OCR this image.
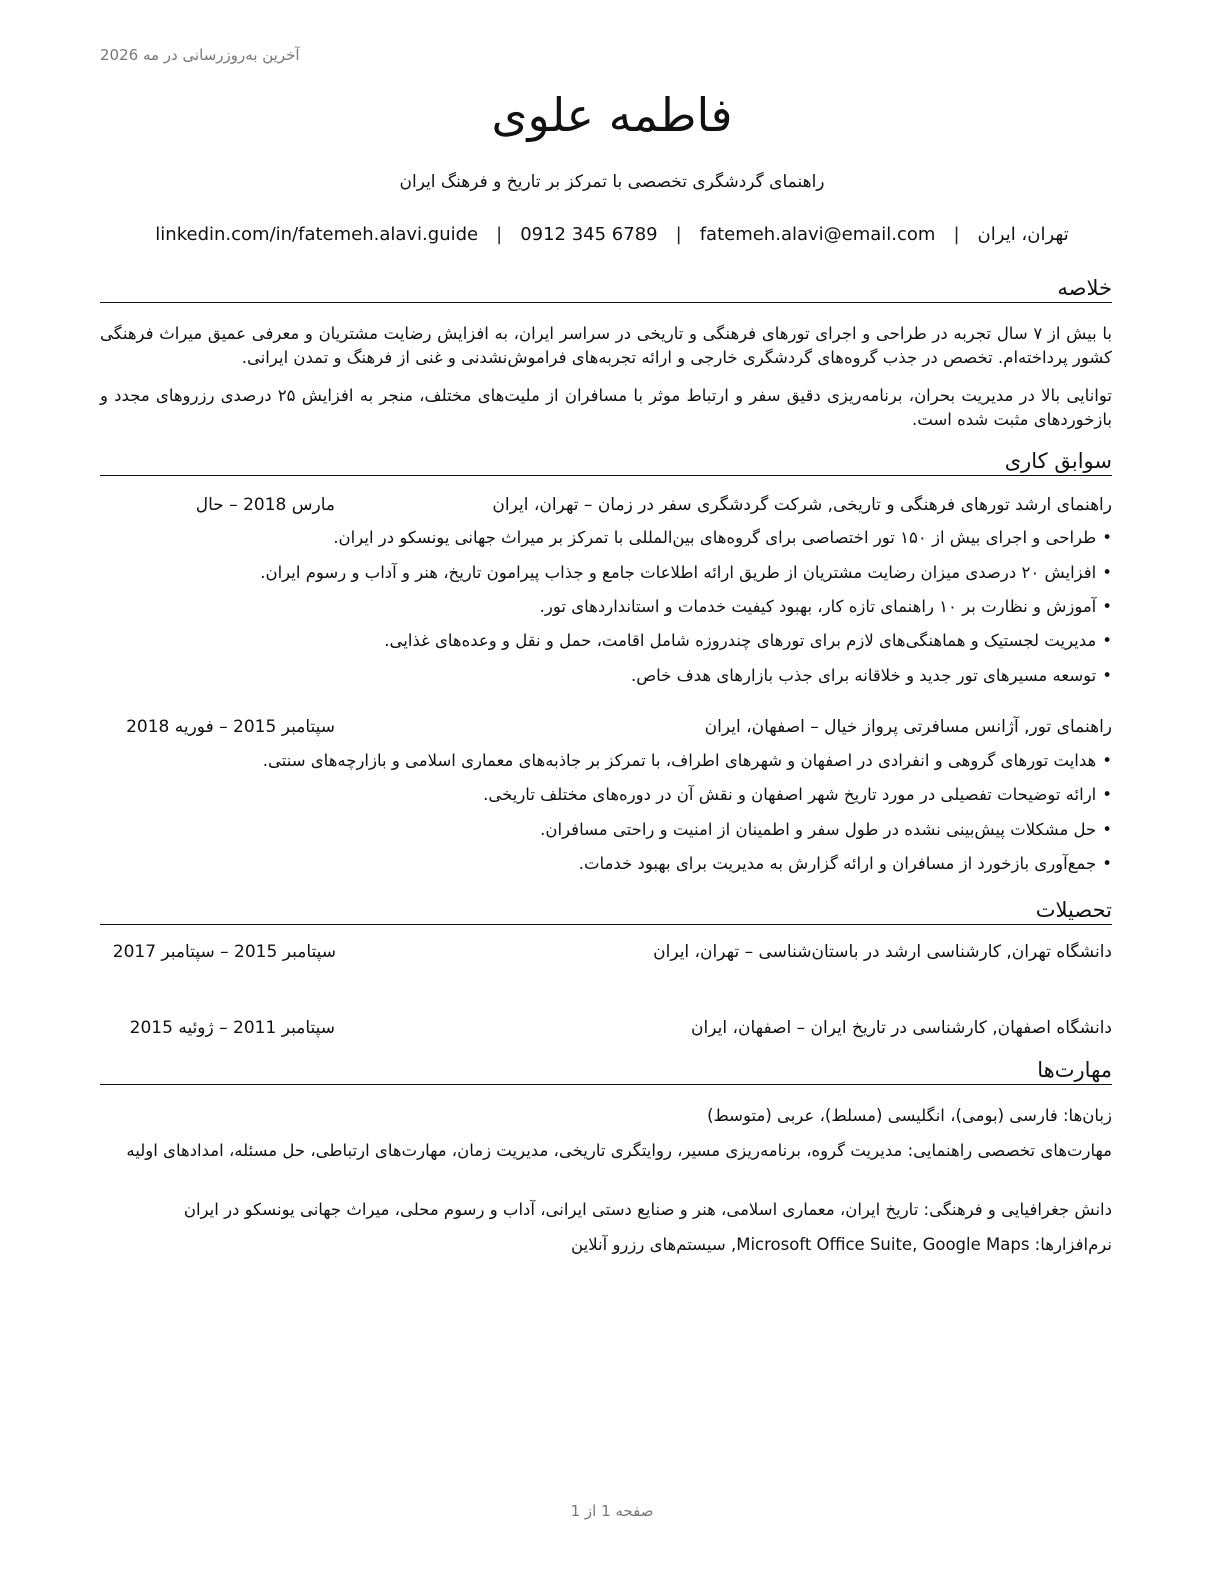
آخرین به‌روزرسانی در مه 2026
فاطمه علوی
راهنمای گردشگری تخصصی با تمرکز بر تاریخ و فرهنگ ایران
تهران، ایران
|
fatemeh.alavi@email.com
|
0912 345 6789
|
linkedin.com/in/fatemeh.alavi.guide
خلاصه
با بیش از ۷ سال تجربه در طراحی و اجرای تورهای فرهنگی و تاریخی در سراسر ایران، به افزایش رضایت مشتریان و معرفی عمیق میراث فرهنگی کشور پرداخته‌ام. تخصص در جذب گروه‌های گردشگری خارجی و ارائه تجربه‌های فراموش‌نشدنی و غنی از فرهنگ و تمدن ایرانی.
توانایی بالا در مدیریت بحران، برنامه‌ریزی دقیق سفر و ارتباط موثر با مسافران از ملیت‌های مختلف، منجر به افزایش ۲۵ درصدی رزروهای مجدد و بازخوردهای مثبت شده است.
سوابق کاری
راهنمای ارشد تورهای فرهنگی و تاریخی, شرکت گردشگری سفر در زمان – تهران، ایران
مارس 2018 – حال
•طراحی و اجرای بیش از ۱۵۰ تور اختصاصی برای گروه‌های بین‌المللی با تمرکز بر میراث جهانی یونسکو در ایران.
•افزایش ۲۰ درصدی میزان رضایت مشتریان از طریق ارائه اطلاعات جامع و جذاب پیرامون تاریخ، هنر و آداب و رسوم ایران.
•آموزش و نظارت بر ۱۰ راهنمای تازه کار، بهبود کیفیت خدمات و استانداردهای تور.
•مدیریت لجستیک و هماهنگی‌های لازم برای تورهای چندروزه شامل اقامت، حمل و نقل و وعده‌های غذایی.
•توسعه مسیرهای تور جدید و خلاقانه برای جذب بازارهای هدف خاص.
راهنمای تور, آژانس مسافرتی پرواز خیال – اصفهان، ایران
سپتامبر 2015 – فوریه 2018
•هدایت تورهای گروهی و انفرادی در اصفهان و شهرهای اطراف، با تمرکز بر جاذبه‌های معماری اسلامی و بازارچه‌های سنتی.
•ارائه توضیحات تفصیلی در مورد تاریخ شهر اصفهان و نقش آن در دوره‌های مختلف تاریخی.
•حل مشکلات پیش‌بینی نشده در طول سفر و اطمینان از امنیت و راحتی مسافران.
•جمع‌آوری بازخورد از مسافران و ارائه گزارش به مدیریت برای بهبود خدمات.
تحصیلات
دانشگاه تهران, کارشناسی ارشد در باستان‌شناسی – تهران، ایران
سپتامبر 2015 – سپتامبر 2017
دانشگاه اصفهان, کارشناسی در تاریخ ایران – اصفهان، ایران
سپتامبر 2011 – ژوئیه 2015
مهارت‌ها
زبان‌ها: فارسی (بومی)، انگلیسی (مسلط)، عربی (متوسط)
مهارت‌های تخصصی راهنمایی: مدیریت گروه، برنامه‌ریزی مسیر، روایتگری تاریخی، مدیریت زمان، مهارت‌های ارتباطی، حل مسئله، امدادهای اولیه
دانش جغرافیایی و فرهنگی: تاریخ ایران، معماری اسلامی، هنر و صنایع دستی ایرانی، آداب و رسوم محلی، میراث جهانی یونسکو در ایران
نرم‌افزارها: Microsoft Office Suite, Google Maps, سیستم‌های رزرو آنلاین
صفحه 1 از 1
